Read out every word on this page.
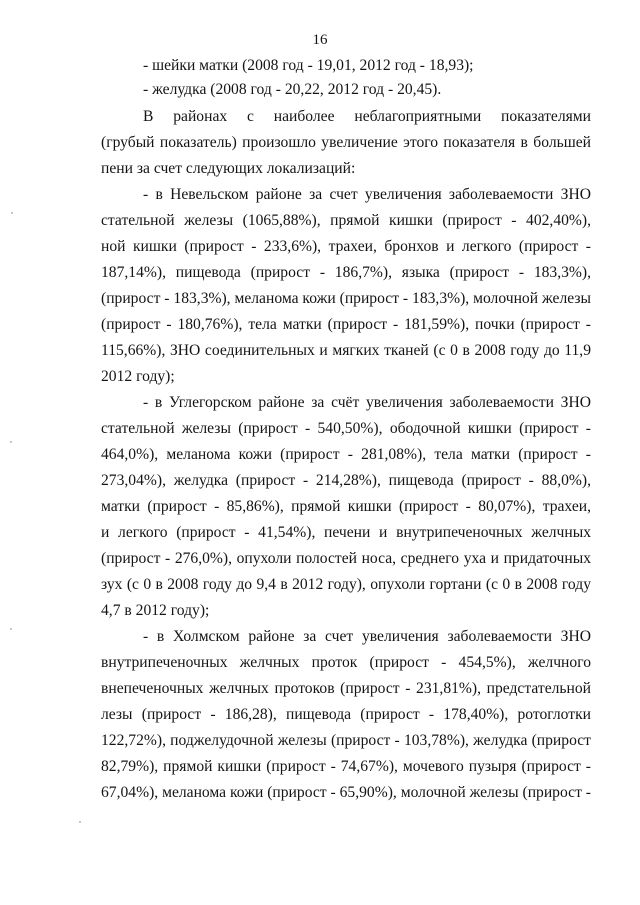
16
- шейки матки (2008 год - 19,01, 2012 год - 18,93);
- желудка (2008 год - 20,22, 2012 год - 20,45).
В районах с наиболее неблагоприятными показателями
(грубый показатель) произошло увеличение этого показателя в большей
пени за счет следующих локализаций:
- в Невельском районе за счет увеличения заболеваемости ЗНО
стательной железы (1065,88%), прямой кишки (прирост - 402,40%),
ной кишки (прирост - 233,6%), трахеи, бронхов и легкого (прирост -
187,14%), пищевода (прирост - 186,7%), языка (прирост - 183,3%),
(прирост - 183,3%), меланома кожи (прирост - 183,3%), молочной железы
(прирост - 180,76%), тела матки (прирост - 181,59%), почки (прирост -
115,66%), ЗНО соединительных и мягких тканей (с 0 в 2008 году до 11,9
2012 году);
- в Углегорском районе за счёт увеличения заболеваемости ЗНО
стательной железы (прирост - 540,50%), ободочной кишки (прирост -
464,0%), меланома кожи (прирост - 281,08%), тела матки (прирост -
273,04%), желудка (прирост - 214,28%), пищевода (прирост - 88,0%),
матки (прирост - 85,86%), прямой кишки (прирост - 80,07%), трахеи,
и легкого (прирост - 41,54%), печени и внутрипеченочных желчных
(прирост - 276,0%), опухоли полостей носа, среднего уха и придаточных
зух (с 0 в 2008 году до 9,4 в 2012 году), опухоли гортани (с 0 в 2008 году
4,7 в 2012 году);
- в Холмском районе за счет увеличения заболеваемости ЗНО
внутрипеченочных желчных проток (прирост - 454,5%), желчного
внепеченочных желчных протоков (прирост - 231,81%), предстательной
лезы (прирост - 186,28), пищевода (прирост - 178,40%), ротоглотки
122,72%), поджелудочной железы (прирост - 103,78%), желудка (прирост
82,79%), прямой кишки (прирост - 74,67%), мочевого пузыря (прирост -
67,04%), меланома кожи (прирост - 65,90%), молочной железы (прирост -
